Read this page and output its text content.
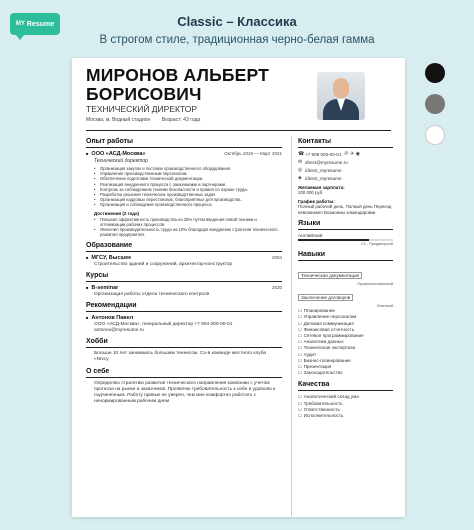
MY Resume	Classic – Классика
В строгом стиле, традиционная черно-белая гамма
МИРОНОВ АЛЬБЕРТ БОРИСОВИЧ
ТЕХНИЧЕСКИЙ ДИРЕКТОР
Москва, м. Водный стадион Возраст: 43 года
Опыт работы
■ ООО «АСД-Москва»	Октябрь 2015 — Март 2021
Технический директор
• Организация закупок и поставок производственного оборудования.
• Управление производственным персоналом.
• Обеспечение подготовки технической документации.
• Реализация внедренного процесса с заказчиками и партнерами.
• Контроль за соблюдением техники безопасности и правил по охране труда.
• Разработка решения технических производственных задач.
• Организация кадровых перестановок, благоприятных для производства.
• Организация и соблюдение производственного процесса.
Достижения (2 года)
• Повысил эффективность производства на 25% путем введения новой техники и оптимизации рабочих процессов.
• Увеличил производительность труда на 10% благодаря внедрению стратегии технического развития предприятия.
Образование
■ МГСУ, Высшее	2004
Строительство зданий и сооружений, архитектор-конструктор
Курсы
■ B-seminar	2020
Организация работы отдела технического контроля
Рекомендации
■ Антонов Павел
ООО «АСД-Москва», генеральный директор +7 904 000-00-01
antonov@myresume.ru
Хобби
Больше 10 лет занимаюсь большим теннисом. Со-в команде местного клуба «Ntvcy
О себе
Определяю стратегию развития технического направления компании с учетом прогноза на рынке и заказчиков. Проявляю требовательность к себе и удоволю к подчиненным. Работу привык не уверен, чем мне комфортно работать с ненормированным рабочим днем
Контакты
☎ +7 909 000-00-01 ✆ ✈ ◉
✉ direct@myresume.ru
◎ /direct_myresume
◈ /direct_myresume
Желаемая зарплата:
200 000 руб
График работы:
Полный рабочий день, Полный день Переезд невозможен Возможны командировки
Языки
Английский
C1 - Продвинутый
Навыки
Техническая документация
Профессиональный
Заключение договоров
Опытный
☐ Планирование
☐ Управление персоналом
☐ Деловая коммуникация
☐ Финансовая отчетность
☐ Сетевое программирование
☐ Аналитика данных
☐ Техническая экспертиза
☐ Аудит
☐ Бизнес-планирование
☐ Презентация
☐ Законодательство
Качества
☐ Аналитический склад ума
☐ Требовательность
☐ Ответственность
☐ Исполнительность
